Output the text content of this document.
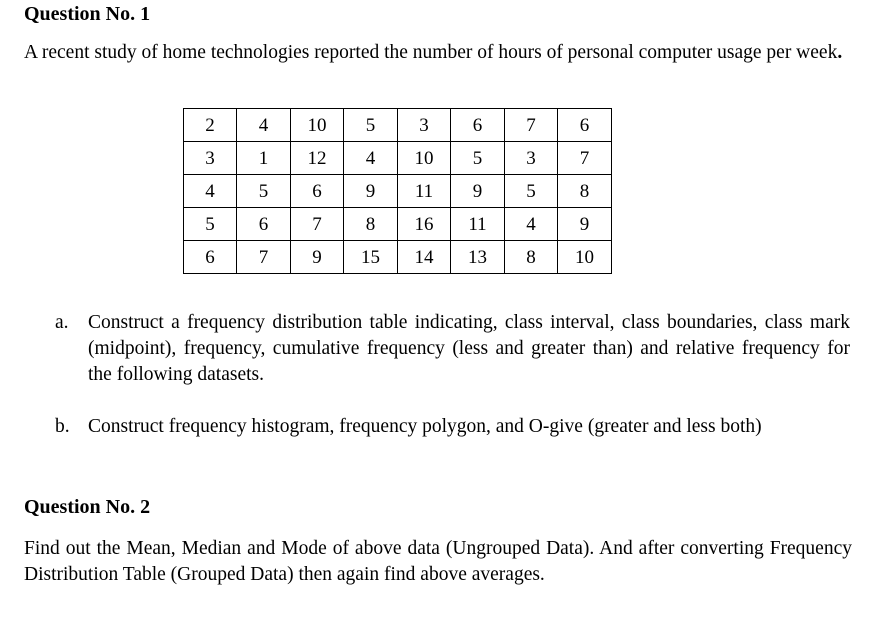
Question No. 1
A recent study of home technologies reported the number of hours of personal computer usage per week.
2	4	10	5	3	6	7	6
3	1	12	4	10	5	3	7
4	5	6	9	11	9	5	8
5	6	7	8	16	11	4	9
6	7	9	15	14	13	8	10
a. Construct a frequency distribution table indicating, class interval, class boundaries, class mark (midpoint), frequency, cumulative frequency (less and greater than) and relative frequency for the following datasets.
b. Construct frequency histogram, frequency polygon, and O-give (greater and less both)
Question No. 2
Find out the Mean, Median and Mode of above data (Ungrouped Data). And after converting Frequency Distribution Table (Grouped Data) then again find above averages.
